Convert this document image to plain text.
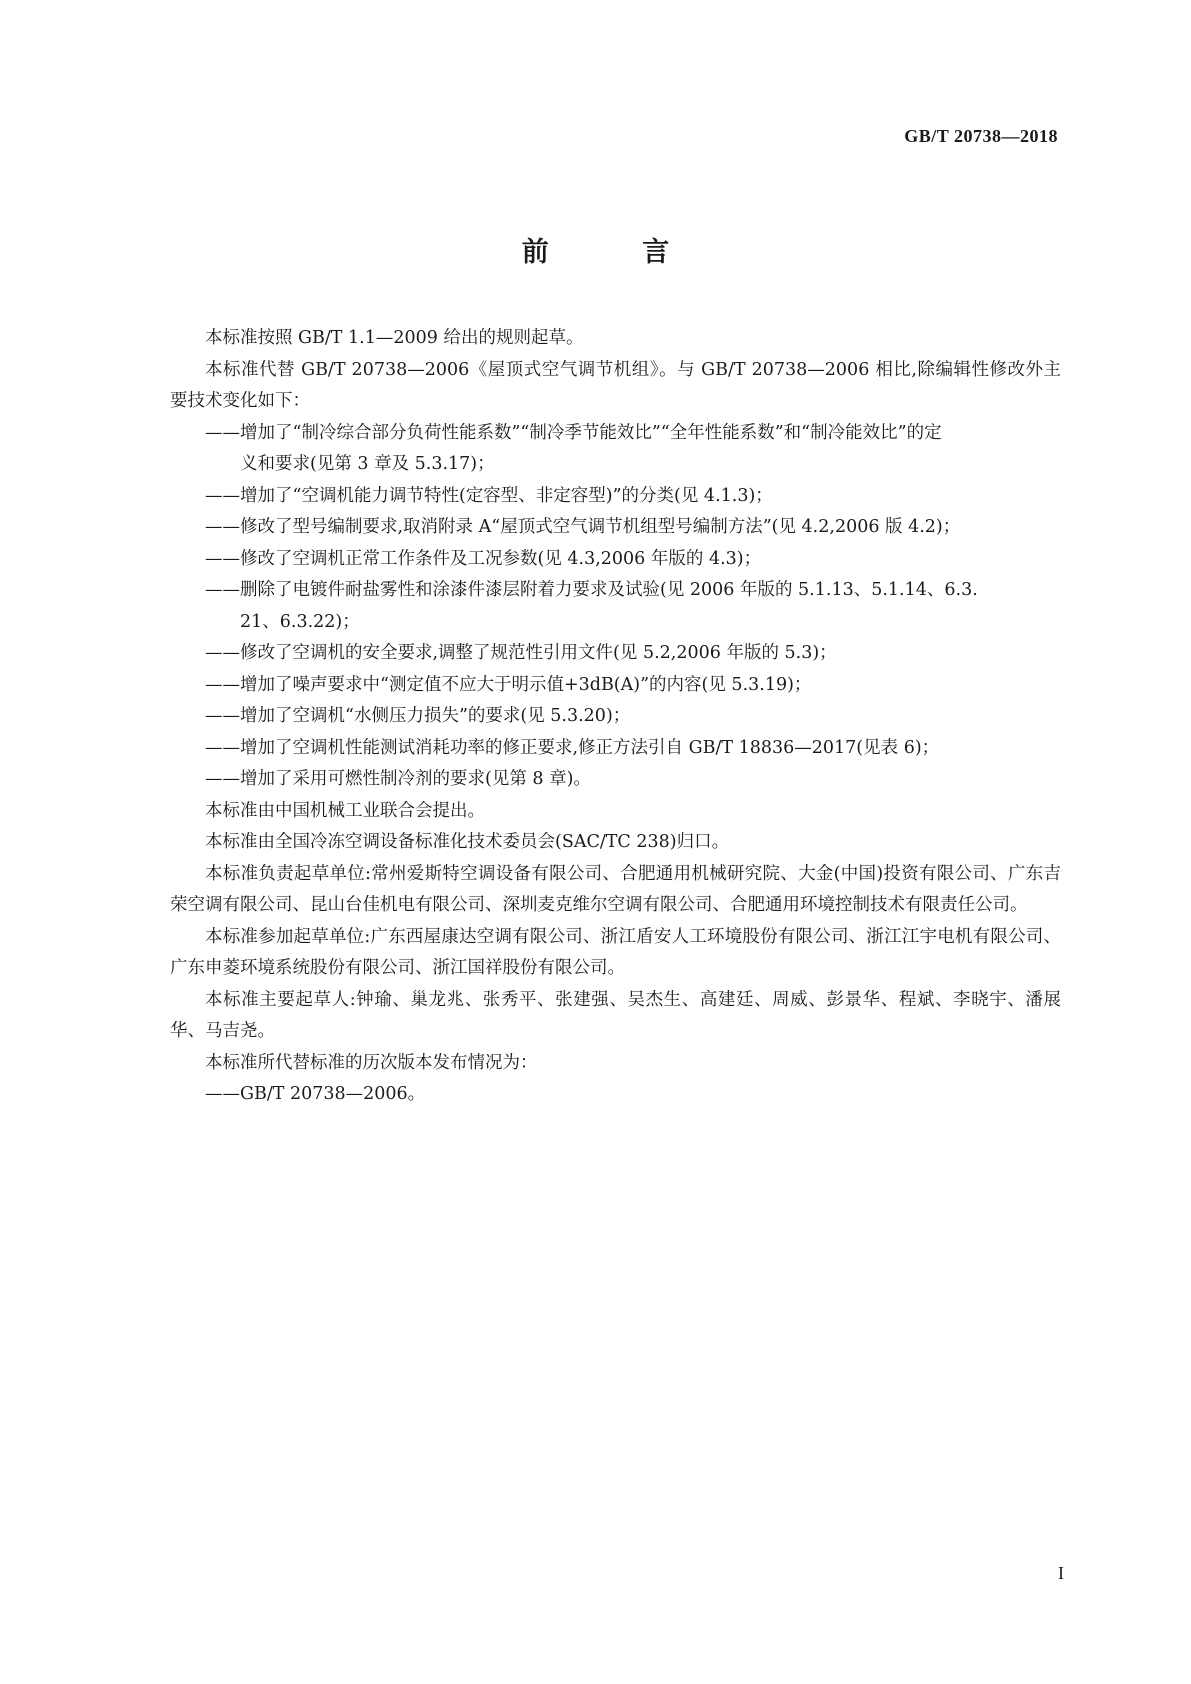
GB/T 20738—2018
前 言

本标准按照 GB/T 1.1—2009 给出的规则起草。

本标准代替 GB/T 20738—2006《屋顶式空气调节机组》。与 GB/T 20738—2006 相比,除编辑性修改外主要技术变化如下：

——增加了“制冷综合部分负荷性能系数”“制冷季节能效比”“全年性能系数”和“制冷能效比”的定
义和要求(见第 3 章及 5.3.17)；
——增加了“空调机能力调节特性(定容型、非定容型)”的分类(见 4.1.3)；
——修改了型号编制要求,取消附录 A“屋顶式空气调节机组型号编制方法”(见 4.2,2006 版 4.2)；
——修改了空调机正常工作条件及工况参数(见 4.3,2006 年版的 4.3)；
——删除了电镀件耐盐雾性和涂漆件漆层附着力要求及试验(见 2006 年版的 5.1.13、5.1.14、6.3.
21、6.3.22)；
——修改了空调机的安全要求,调整了规范性引用文件(见 5.2,2006 年版的 5.3)；
——增加了噪声要求中“测定值不应大于明示值+3dB(A)”的内容(见 5.3.19)；
——增加了空调机“水侧压力损失”的要求(见 5.3.20)；
——增加了空调机性能测试消耗功率的修正要求,修正方法引自 GB/T 18836—2017(见表 6)；
——增加了采用可燃性制冷剂的要求(见第 8 章)。

本标准由中国机械工业联合会提出。

本标准由全国冷冻空调设备标准化技术委员会(SAC/TC 238)归口。

本标准负责起草单位:常州爱斯特空调设备有限公司、合肥通用机械研究院、大金(中国)投资有限公司、广东吉荣空调有限公司、昆山台佳机电有限公司、深圳麦克维尔空调有限公司、合肥通用环境控制技术有限责任公司。

本标准参加起草单位:广东西屋康达空调有限公司、浙江盾安人工环境股份有限公司、浙江江宇电机有限公司、广东申菱环境系统股份有限公司、浙江国祥股份有限公司。

本标准主要起草人:钟瑜、巢龙兆、张秀平、张建强、吴杰生、高建廷、周威、彭景华、程斌、李晓宇、潘展华、马吉尧。

本标准所代替标准的历次版本发布情况为：

——GB/T 20738—2006。
I
